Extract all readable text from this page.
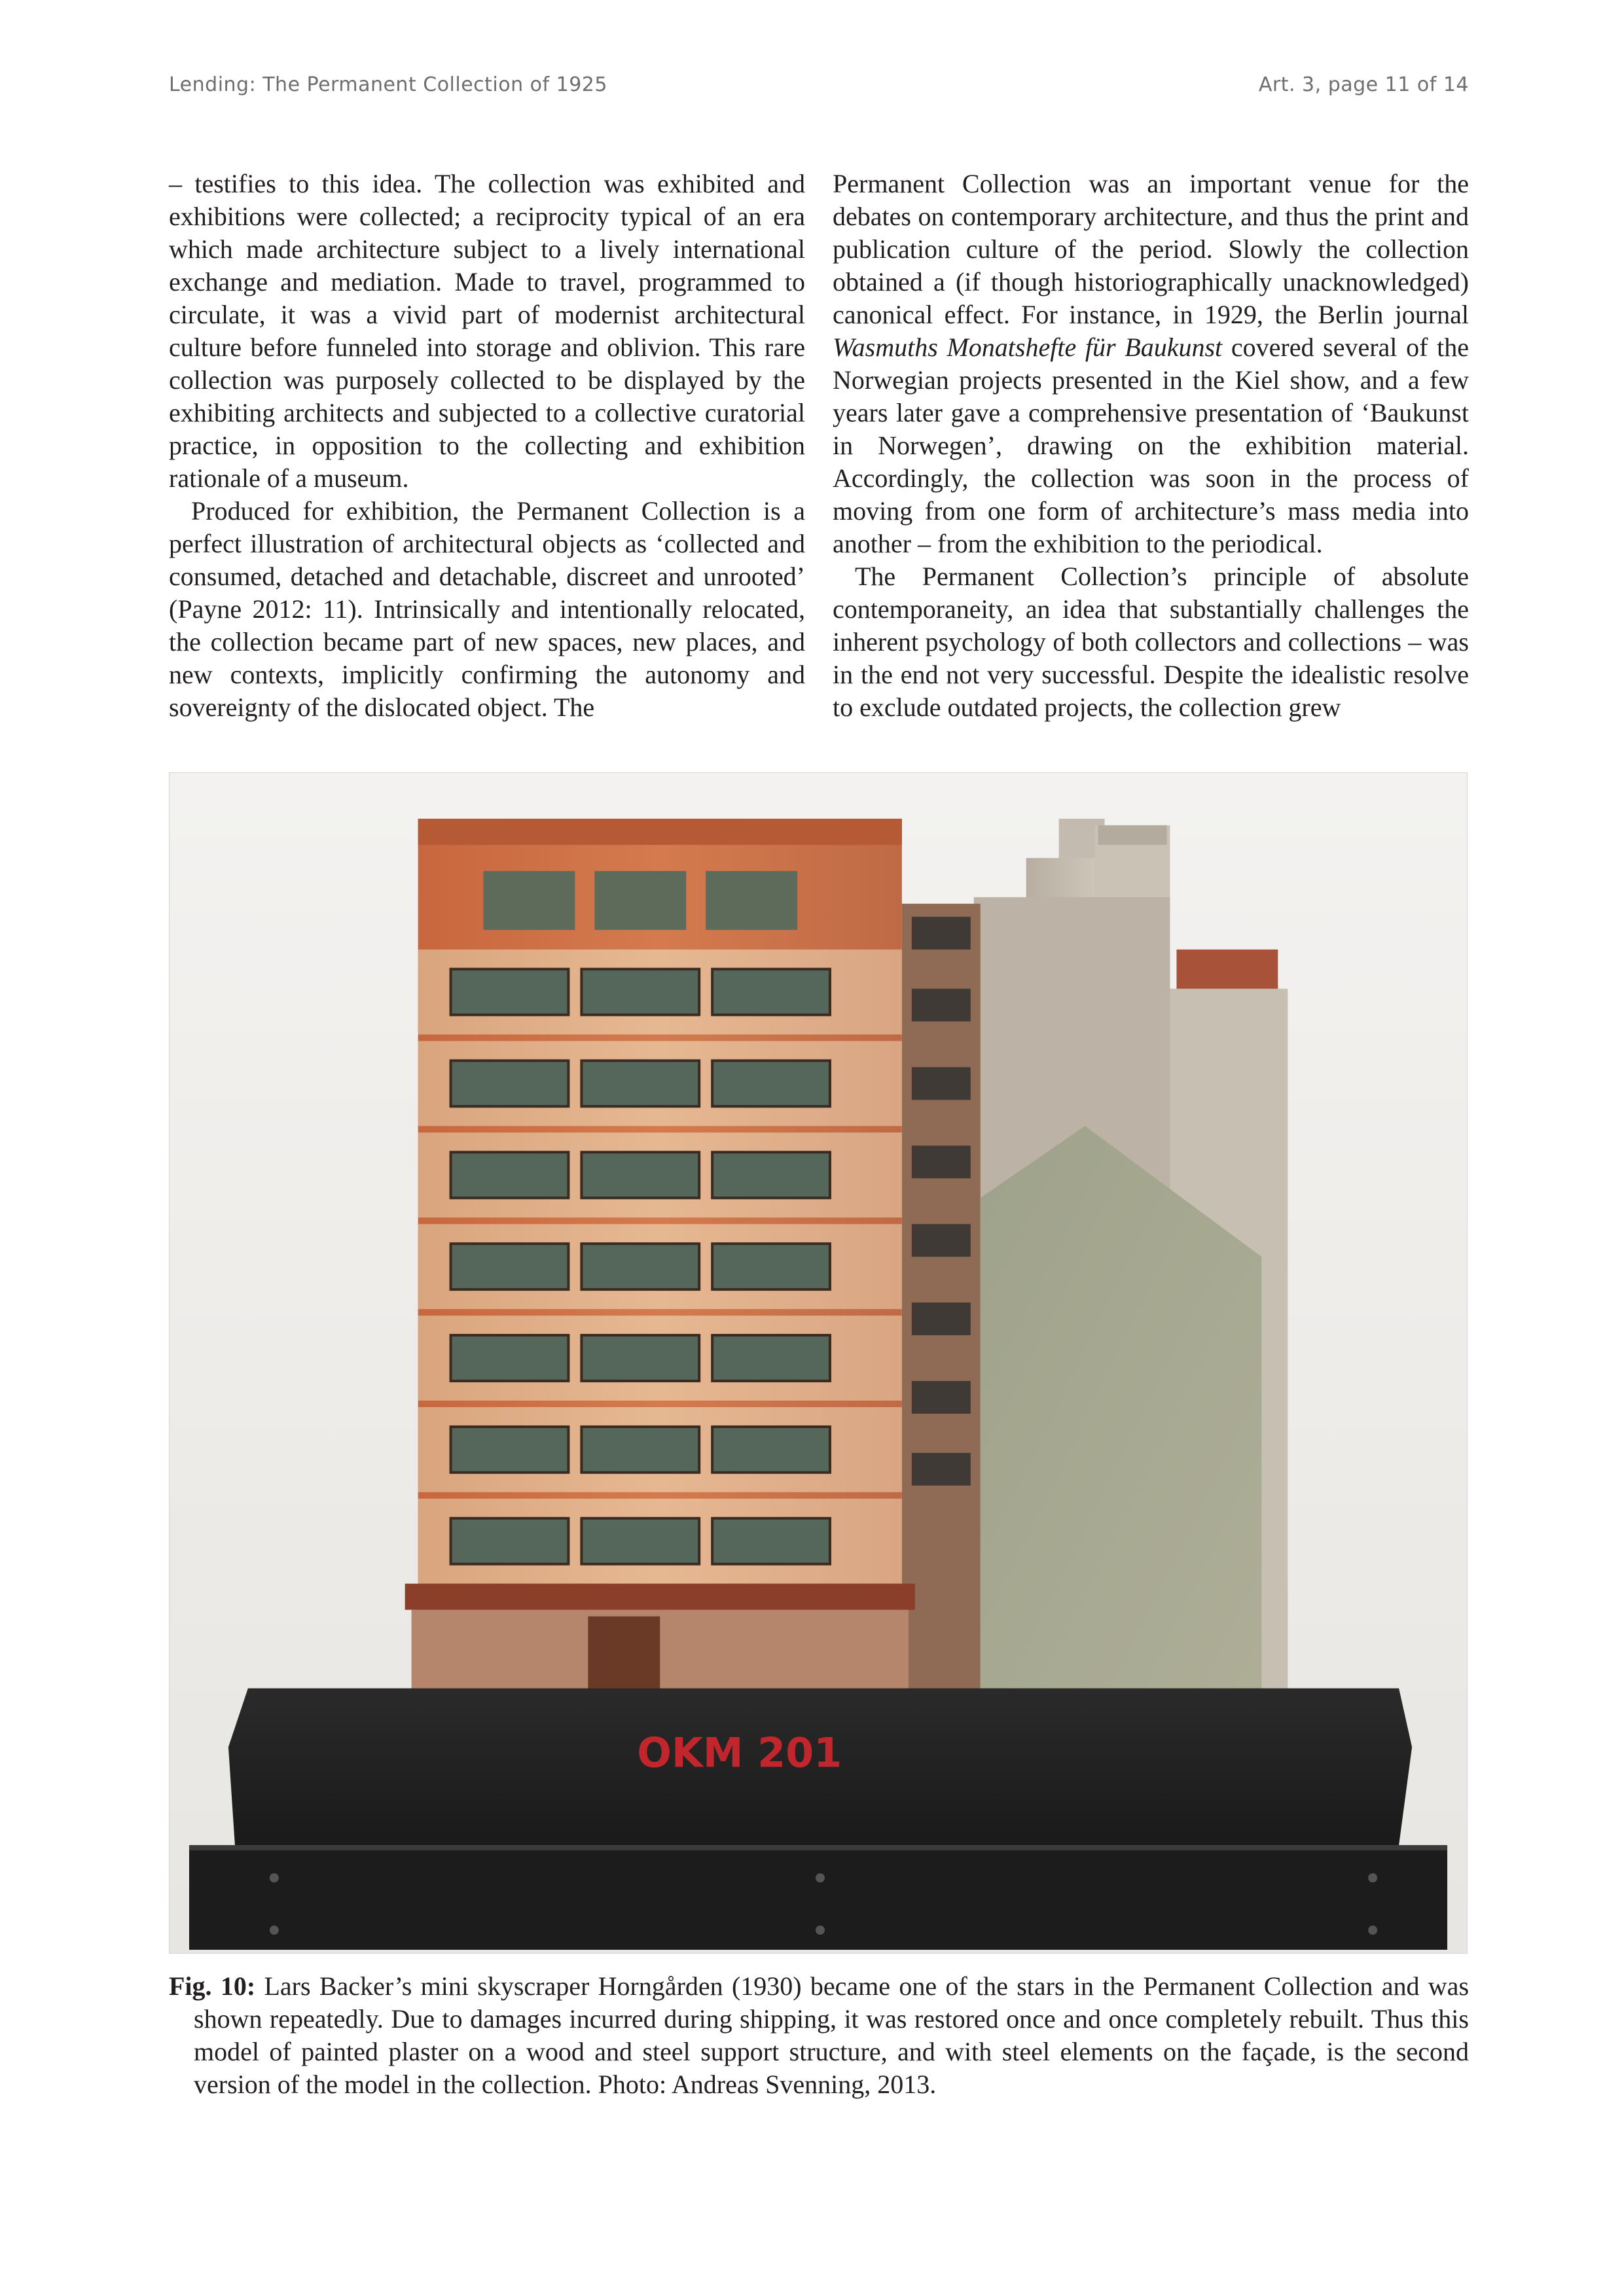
Lending: The Permanent Collection of 1925	Art. 3, page 11 of 14

– testifies to this idea. The collection was exhibited and exhibitions were collected; a reciprocity typical of an era which made architecture subject to a lively international exchange and mediation. Made to travel, programmed to circulate, it was a vivid part of modernist architectural culture before funneled into storage and oblivion. This rare collection was purposely collected to be displayed by the exhibiting architects and subjected to a collective curatorial practice, in opposition to the collecting and exhibition rationale of a museum.

Produced for exhibition, the Permanent Collection is a perfect illustration of architectural objects as ‘collected and consumed, detached and detachable, discreet and unrooted’ (Payne 2012: 11). Intrinsically and intentionally relocated, the collection became part of new spaces, new places, and new contexts, implicitly confirming the autonomy and sovereignty of the dislocated object. The

Permanent Collection was an important venue for the debates on contemporary architecture, and thus the print and publication culture of the period. Slowly the collection obtained a (if though historiographically unacknowledged) canonical effect. For instance, in 1929, the Berlin journal Wasmuths Monatshefte für Baukunst covered several of the Norwegian projects presented in the Kiel show, and a few years later gave a comprehensive presentation of ‘Baukunst in Norwegen’, drawing on the exhibition material. Accordingly, the collection was soon in the process of moving from one form of architecture’s mass media into another – from the exhibition to the periodical.

The Permanent Collection’s principle of absolute contemporaneity, an idea that substantially challenges the inherent psychology of both collectors and collections – was in the end not very successful. Despite the idealistic resolve to exclude outdated projects, the collection grew

OKM 201

Fig. 10: Lars Backer’s mini skyscraper Horngården (1930) became one of the stars in the Permanent Collection and was shown repeatedly. Due to damages incurred during shipping, it was restored once and once completely rebuilt. Thus this model of painted plaster on a wood and steel support structure, and with steel elements on the façade, is the second version of the model in the collection. Photo: Andreas Svenning, 2013.
